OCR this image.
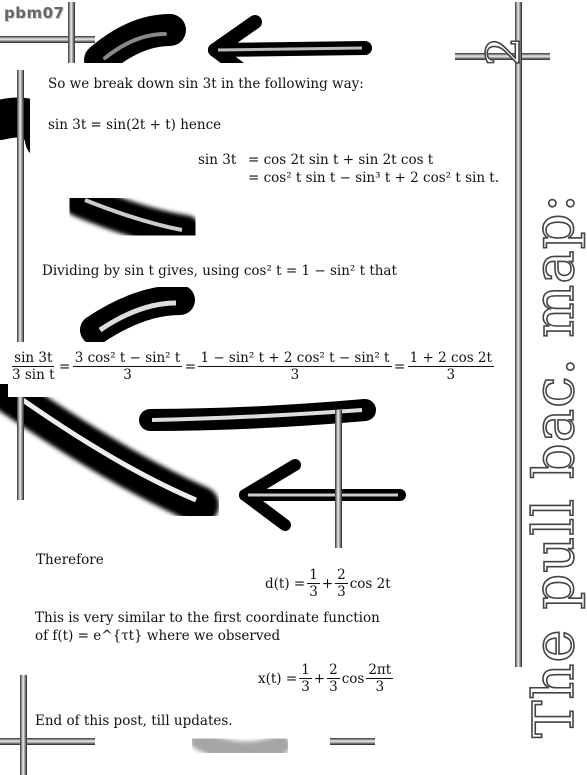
pbm07
2
The pull bac. map:
So we break down sin 3t in the following way:
sin 3t = sin(2t + t) hence
sin 3t = cos 2t sin t + sin 2t cos t
= cos² t sin t − sin³ t + 2 cos² t sin t.
Dividing by sin t gives, using cos² t = 1 − sin² t that
$\frac{\sin 3t}{\text{3 sin t}} = \frac{\text{3 cos² t − sin² t}}{3} = \frac{\text{1 − sin² t + 2 cos² t − sin² t}}{3} = \frac{1 + 2 \cos 2t}{3}$
Therefore
$d(t) = \frac{1}{3} + \frac{2}{3}$ cos 2t
This is very similar to the first coordinate function
of f(t) = e^{τt} where we observed
$x(t) = \frac{1}{3} + \frac{2}{3}$ $\cos \frac{2\pi t}{3}$
End of this post, till updates.
